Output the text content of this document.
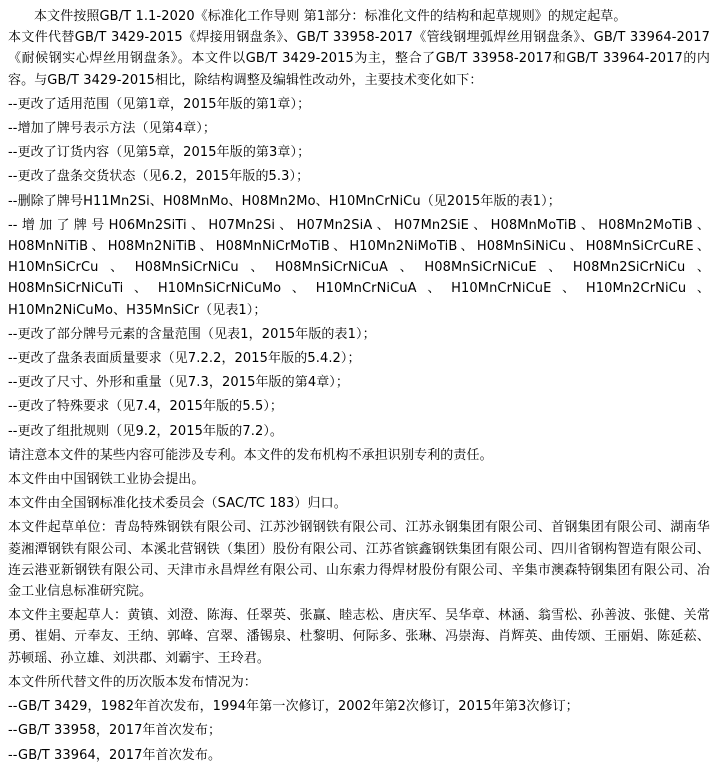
本文件按照GB/T 1.1-2020《标准化工作导则 第1部分：标准化文件的结构和起草规则》的规定起草。

本文件代替GB/T 3429-2015《焊接用钢盘条》、GB/T 33958-2017《管线钢埋弧焊丝用钢盘条》、GB/T 33964-2017《耐候钢实心焊丝用钢盘条》。本文件以GB/T 3429-2015为主，整合了GB/T 33958-2017和GB/T 33964-2017的内容。与GB/T 3429-2015相比，除结构调整及编辑性改动外，主要技术变化如下：

--更改了适用范围（见第1章，2015年版的第1章）；

--增加了牌号表示方法（见第4章）；

--更改了订货内容（见第5章，2015年版的第3章）；

--更改了盘条交货状态（见6.2，2015年版的5.3）；

--删除了牌号H11Mn2Si、H08MnMo、H08Mn2Mo、H10MnCrNiCu（见2015年版的表1）；

--增加了牌号H06Mn2SiTi、H07Mn2Si、H07Mn2SiA、H07Mn2SiE、H08MnMoTiB、H08Mn2MoTiB、H08MnNiTiB、H08Mn2NiTiB、H08MnNiCrMoTiB、H10Mn2NiMoTiB、H08MnSiNiCu、H08MnSiCrCuRE、H10MnSiCrCu、H08MnSiCrNiCu、H08MnSiCrNiCuA、H08MnSiCrNiCuE、H08Mn2SiCrNiCu、H08MnSiCrNiCuTi、H10MnSiCrNiCuMo、H10MnCrNiCuA、H10MnCrNiCuE、H10Mn2CrNiCu、H10Mn2NiCuMo、H35MnSiCr（见表1）；

--更改了部分牌号元素的含量范围（见表1，2015年版的表1）；

--更改了盘条表面质量要求（见7.2.2，2015年版的5.4.2）；

--更改了尺寸、外形和重量（见7.3，2015年版的第4章）；

--更改了特殊要求（见7.4，2015年版的5.5）；

--更改了组批规则（见9.2，2015年版的7.2）。

请注意本文件的某些内容可能涉及专利。本文件的发布机构不承担识别专利的责任。

本文件由中国钢铁工业协会提出。

本文件由全国钢标准化技术委员会（SAC/TC 183）归口。

本文件起草单位：青岛特殊钢铁有限公司、江苏沙钢钢铁有限公司、江苏永钢集团有限公司、首钢集团有限公司、湖南华菱湘潭钢铁有限公司、本溪北营钢铁（集团）股份有限公司、江苏省镔鑫钢铁集团有限公司、四川省钢构智造有限公司、连云港亚新钢铁有限公司、天津市永昌焊丝有限公司、山东索力得焊材股份有限公司、辛集市澳森特钢集团有限公司、冶金工业信息标准研究院。

本文件主要起草人：黄镇、刘澄、陈海、任翠英、张赢、睦志松、唐庆军、吴华章、林涵、翁雪松、孙善波、张健、关常勇、崔娟、亓奉友、王纳、郭峰、宫翠、潘锡泉、杜黎明、何际多、张琳、冯崇海、肖辉英、曲传颂、王丽娟、陈延菘、苏顿瑶、孙立雄、刘洪郡、刘霸宇、王玲君。

本文件所代替文件的历次版本发布情况为：

--GB/T 3429，1982年首次发布，1994年第一次修订，2002年第2次修订，2015年第3次修订；

--GB/T 33958，2017年首次发布；

--GB/T 33964，2017年首次发布。
